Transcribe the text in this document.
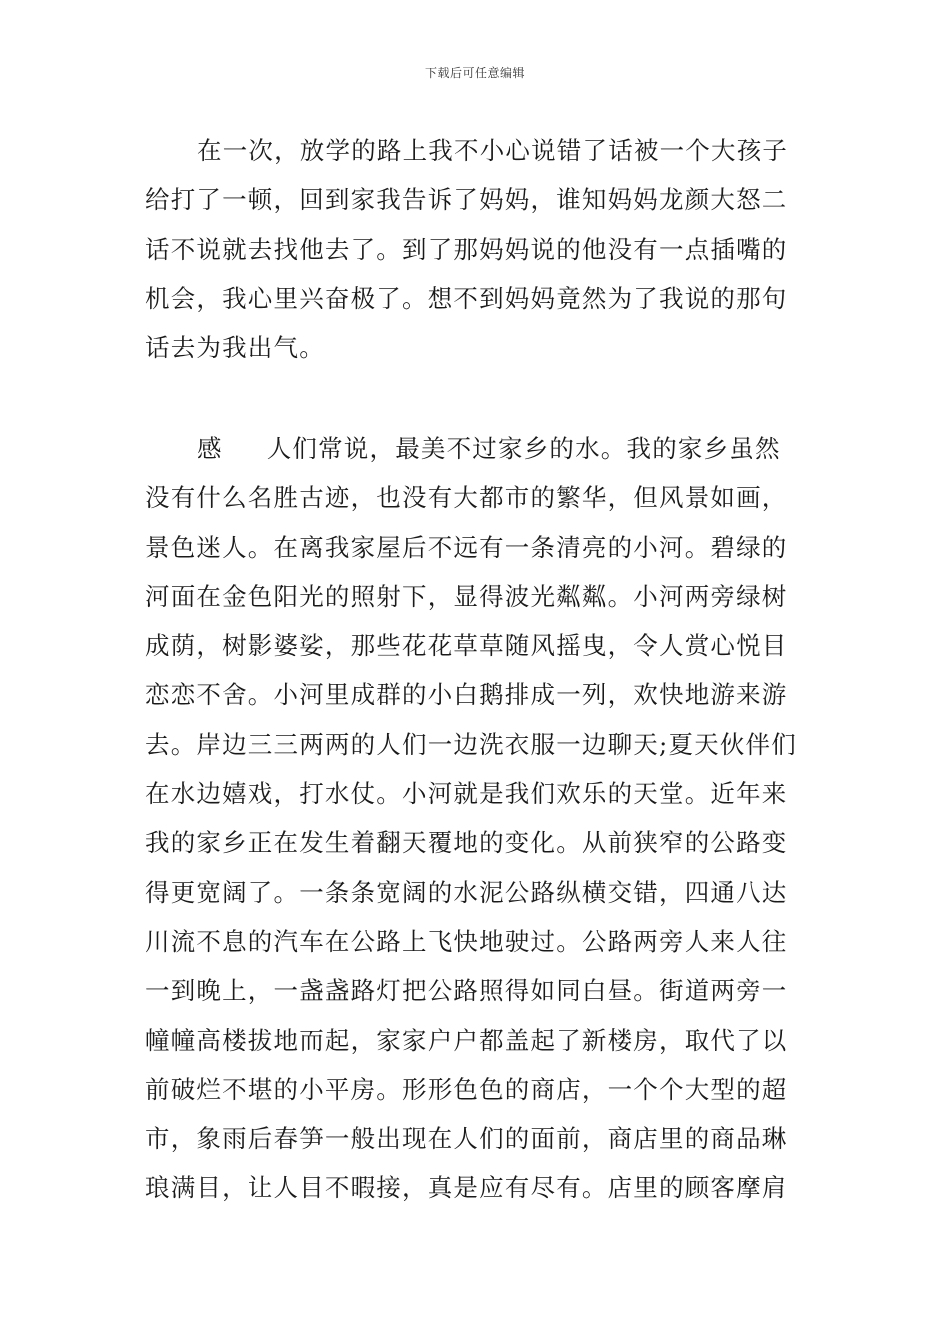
下载后可任意编辑
在一次，放学的路上我不小心说错了话被一个大孩子
给打了一顿，回到家我告诉了妈妈，谁知妈妈龙颜大怒二
话不说就去找他去了。到了那妈妈说的他没有一点插嘴的
机会，我心里兴奋极了。想不到妈妈竟然为了我说的那句
话去为我出气。
感 人们常说，最美不过家乡的水。我的家乡虽然
没有什么名胜古迹，也没有大都市的繁华，但风景如画，
景色迷人。在离我家屋后不远有一条清亮的小河。碧绿的
河面在金色阳光的照射下，显得波光粼粼。小河两旁绿树
成荫，树影婆娑，那些花花草草随风摇曳，令人赏心悦目
恋恋不舍。小河里成群的小白鹅排成一列，欢快地游来游
去。岸边三三两两的人们一边洗衣服一边聊天;夏天伙伴们
在水边嬉戏，打水仗。小河就是我们欢乐的天堂。近年来
我的家乡正在发生着翻天覆地的变化。从前狭窄的公路变
得更宽阔了。一条条宽阔的水泥公路纵横交错，四通八达
川流不息的汽车在公路上飞快地驶过。公路两旁人来人往
一到晚上，一盏盏路灯把公路照得如同白昼。街道两旁一
幢幢高楼拔地而起，家家户户都盖起了新楼房，取代了以
前破烂不堪的小平房。形形色色的商店，一个个大型的超
市，象雨后春笋一般出现在人们的面前，商店里的商品琳
琅满目，让人目不暇接，真是应有尽有。店里的顾客摩肩
